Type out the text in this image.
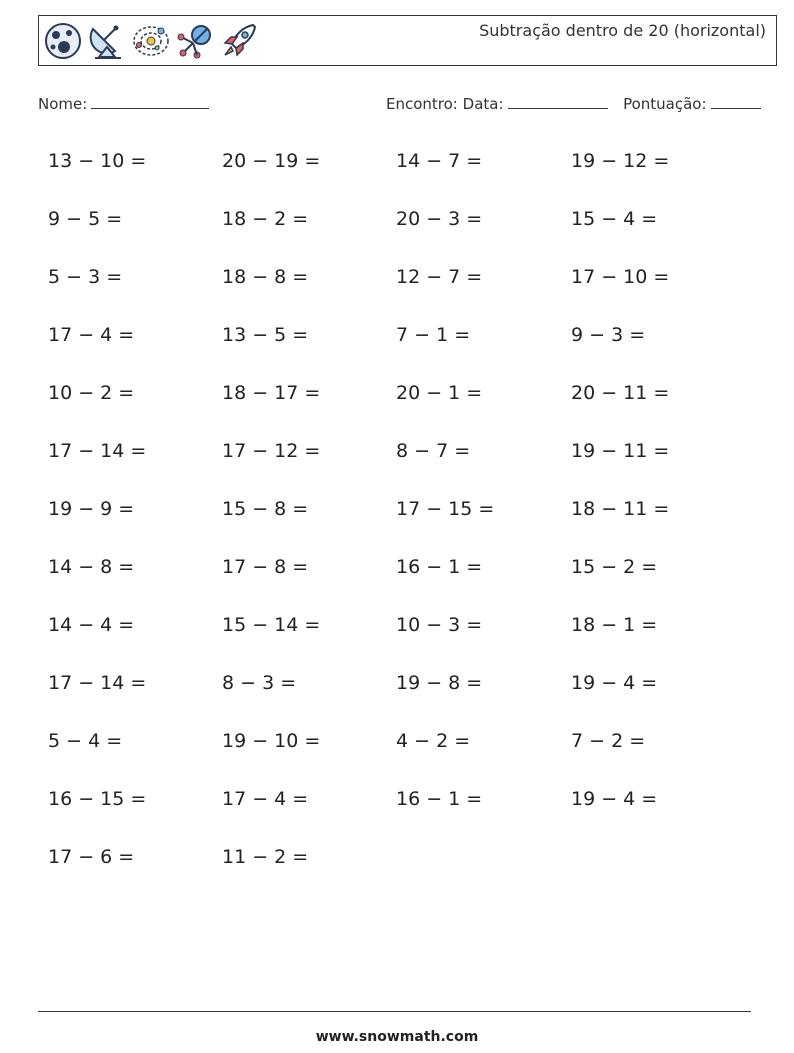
Subtração dentro de 20 (horizontal)
Nome:	Encontro: Data:	Pontuação:
13 − 10 =	20 − 19 =	14 − 7 =	19 − 12 =
9 − 5 =	18 − 2 =	20 − 3 =	15 − 4 =
5 − 3 =	18 − 8 =	12 − 7 =	17 − 10 =
17 − 4 =	13 − 5 =	7 − 1 =	9 − 3 =
10 − 2 =	18 − 17 =	20 − 1 =	20 − 11 =
17 − 14 =	17 − 12 =	8 − 7 =	19 − 11 =
19 − 9 =	15 − 8 =	17 − 15 =	18 − 11 =
14 − 8 =	17 − 8 =	16 − 1 =	15 − 2 =
14 − 4 =	15 − 14 =	10 − 3 =	18 − 1 =
17 − 14 =	8 − 3 =	19 − 8 =	19 − 4 =
5 − 4 =	19 − 10 =	4 − 2 =	7 − 2 =
16 − 15 =	17 − 4 =	16 − 1 =	19 − 4 =
17 − 6 =	11 − 2 =
www.snowmath.com
